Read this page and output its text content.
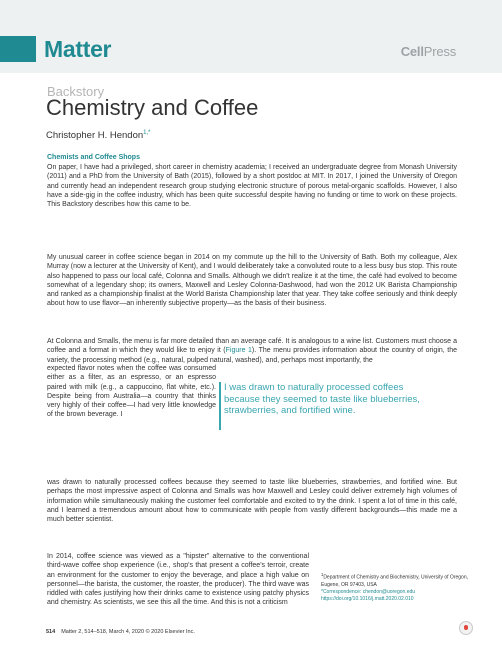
Matter	CellPress
Backstory
Chemistry and Coffee
Christopher H. Hendon$^{1,*}$
Chemists and Coffee Shops

On paper, I have had a privileged, short career in chemistry academia; I received an undergraduate degree from Monash University (2011) and a PhD from the University of Bath (2015), followed by a short postdoc at MIT. In 2017, I joined the University of Oregon and currently head an independent research group studying electronic structure of porous metal-organic scaffolds. However, I also have a side-gig in the coffee industry, which has been quite successful despite having no funding or time to work on these projects. This Backstory describes how this came to be.

My unusual career in coffee science began in 2014 on my commute up the hill to the University of Bath. Both my colleague, Alex Murray (now a lecturer at the University of Kent), and I would deliberately take a convoluted route to a less busy bus stop. This route also happened to pass our local café, Colonna and Smalls. Although we didn't realize it at the time, the café had evolved to become somewhat of a legendary shop; its owners, Maxwell and Lesley Colonna-Dashwood, had won the 2012 UK Barista Championship and ranked as a championship finalist at the World Barista Championship later that year. They take coffee seriously and think deeply about how to use flavor—an inherently subjective property—as the basis of their business.

At Colonna and Smalls, the menu is far more detailed than an average café. It is analogous to a wine list. Customers must choose a coffee and a format in which they would like to enjoy it (Figure 1). The menu provides information about the country of origin, the variety, the processing method (e.g., natural, pulped natural, washed), and, perhaps most importantly, the

expected flavor notes when the coffee was consumed either as a filter, as an espresso, or an espresso paired with milk (e.g., a cappuccino, flat white, etc.). Despite being from Australia—a country that thinks very highly of their coffee—I had very little knowledge of the brown beverage. I
I was drawn to naturally processed coffees because they seemed to taste like blueberries, strawberries, and fortified wine.

was drawn to naturally processed coffees because they seemed to taste like blueberries, strawberries, and fortified wine. But perhaps the most impressive aspect of Colonna and Smalls was how Maxwell and Lesley could deliver extremely high volumes of information while simultaneously making the customer feel comfortable and excited to try the drink. I spent a lot of time in this café, and I learned a tremendous amount about how to communicate with people from vastly different backgrounds—this made me a much better scientist.

In 2014, coffee science was viewed as a "hipster" alternative to the conventional third-wave coffee shop experience (i.e., shop's that present a coffee's terroir, create an environment for the customer to enjoy the beverage, and place a high value on personnel—the barista, the customer, the roaster, the producer). The third wave was riddled with cafes justifying how their drinks came to existence using patchy physics and chemistry. As scientists, we see this all the time. And this is not a criticism

$^1$Department of Chemistry and Biochemistry, University of Oregon, Eugene, OR 97403, USA
*Correspondence: chendon@uoregon.edu
https://doi.org/10.1016/j.matt.2020.02.010
514 Matter 2, 514–518, March 4, 2020 © 2020 Elsevier Inc.
